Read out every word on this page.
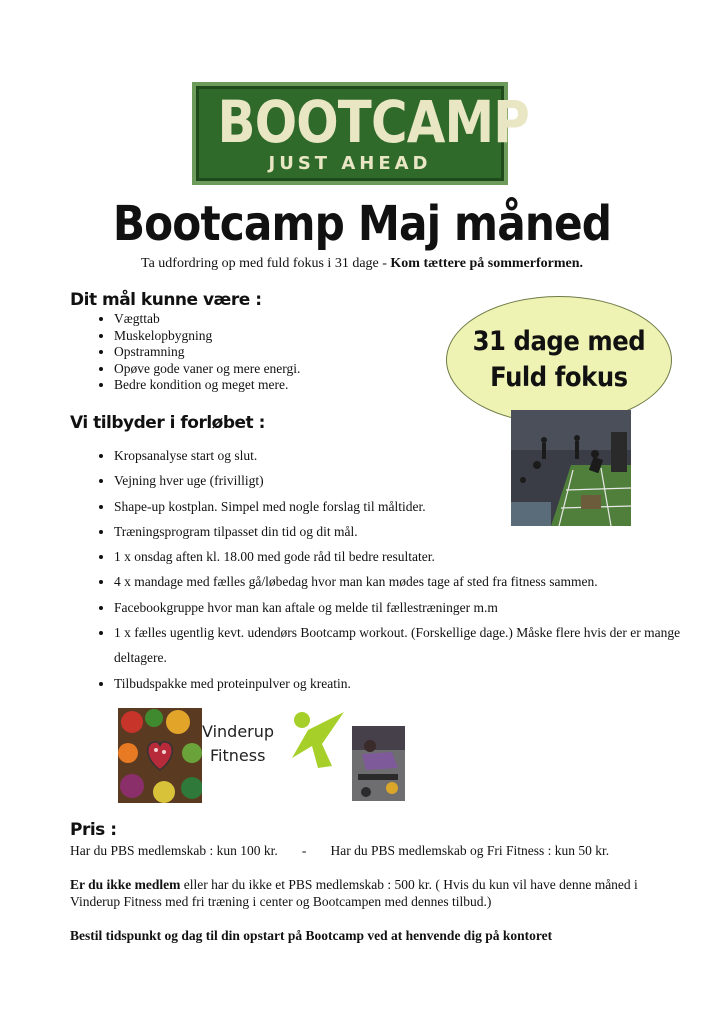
BOOTCAMP
JUST AHEAD
Bootcamp Maj måned
Ta udfordring op med fuld fokus i 31 dage - Kom tættere på sommerformen.
Dit mål kunne være :
• Vægttab
• Muskelopbygning
• Opstramning
• Opøve gode vaner og mere energi.
• Bedre kondition og meget mere.
31 dage med
Fuld fokus
Vi tilbyder i forløbet :
• Kropsanalyse start og slut.
• Vejning hver uge (frivilligt)
• Shape-up kostplan. Simpel med nogle forslag til måltider.
• Træningsprogram tilpasset din tid og dit mål.
• 1 x onsdag aften kl. 18.00 med gode råd til bedre resultater.
• 4 x mandage med fælles gå/løbedag hvor man kan mødes tage af sted fra fitness sammen.
• Facebookgruppe hvor man kan aftale og melde til fællestræninger m.m
• 1 x fælles ugentlig kevt. udendørs Bootcamp workout. (Forskellige dage.) Måske flere hvis der er mange deltagere.
• Tilbudspakke med proteinpulver og kreatin.
Vinderup
Fitness
Pris :
Har du PBS medlemskab : kun 100 kr. - Har du PBS medlemskab og Fri Fitness : kun 50 kr.
Er du ikke medlem eller har du ikke et PBS medlemskab : 500 kr. ( Hvis du kun vil have denne måned i Vinderup Fitness med fri træning i center og Bootcampen med dennes tilbud.)
Bestil tidspunkt og dag til din opstart på Bootcamp ved at henvende dig på kontoret
